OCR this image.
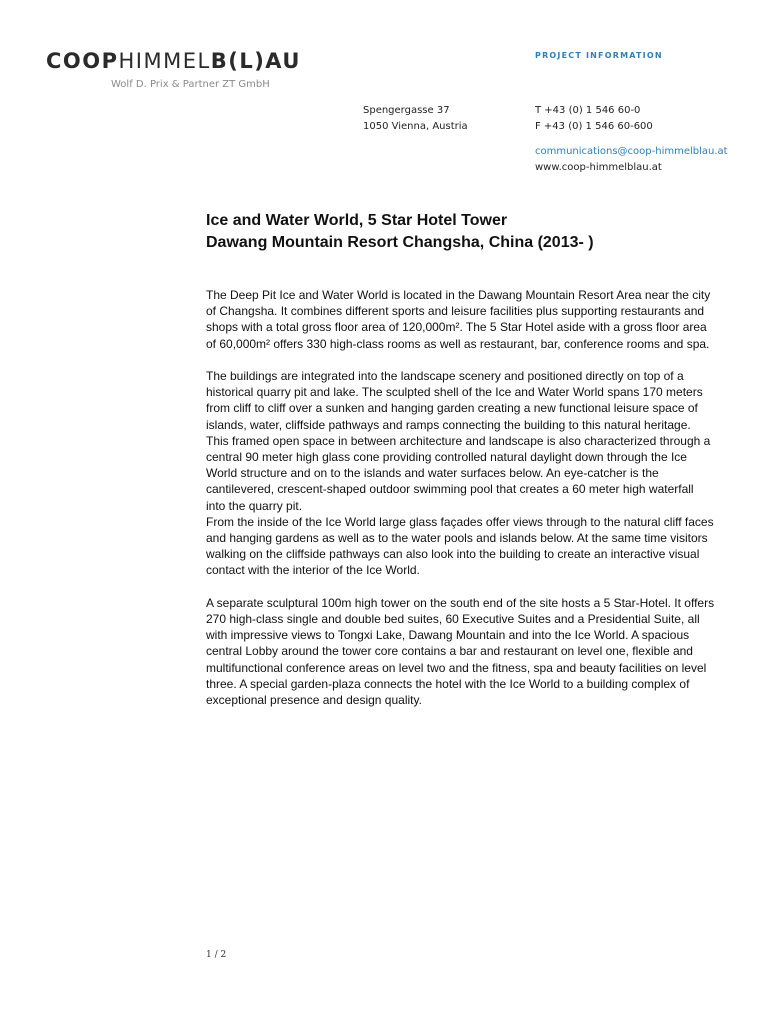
COOPHIMMELB(L)AU
Wolf D. Prix & Partner ZT GmbH
PROJECT INFORMATION
Spengergasse 37
1050 Vienna, Austria
T +43 (0) 1 546 60-0
F +43 (0) 1 546 60-600
communications@coop-himmelblau.at
www.coop-himmelblau.at
Ice and Water World, 5 Star Hotel Tower
Dawang Mountain Resort Changsha, China (2013- )

The Deep Pit Ice and Water World is located in the Dawang Mountain Resort Area near the city of Changsha. It combines different sports and leisure facilities plus supporting restaurants and shops with a total gross floor area of 120,000m². The 5 Star Hotel aside with a gross floor area of 60,000m² offers 330 high-class rooms as well as restaurant, bar, conference rooms and spa.

The buildings are integrated into the landscape scenery and positioned directly on top of a historical quarry pit and lake. The sculpted shell of the Ice and Water World spans 170 meters from cliff to cliff over a sunken and hanging garden creating a new functional leisure space of islands, water, cliffside pathways and ramps connecting the building to this natural heritage. This framed open space in between architecture and landscape is also characterized through a central 90 meter high glass cone providing controlled natural daylight down through the Ice World structure and on to the islands and water surfaces below. An eye-catcher is the cantilevered, crescent-shaped outdoor swimming pool that creates a 60 meter high waterfall into the quarry pit.

From the inside of the Ice World large glass façades offer views through to the natural cliff faces and hanging gardens as well as to the water pools and islands below. At the same time visitors walking on the cliffside pathways can also look into the building to create an interactive visual contact with the interior of the Ice World.

A separate sculptural 100m high tower on the south end of the site hosts a 5 Star-Hotel. It offers 270 high-class single and double bed suites, 60 Executive Suites and a Presidential Suite, all with impressive views to Tongxi Lake, Dawang Mountain and into the Ice World. A spacious central Lobby around the tower core contains a bar and restaurant on level one, flexible and multifunctional conference areas on level two and the fitness, spa and beauty facilities on level three. A special garden-plaza connects the hotel with the Ice World to a building complex of exceptional presence and design quality.

1 / 2
